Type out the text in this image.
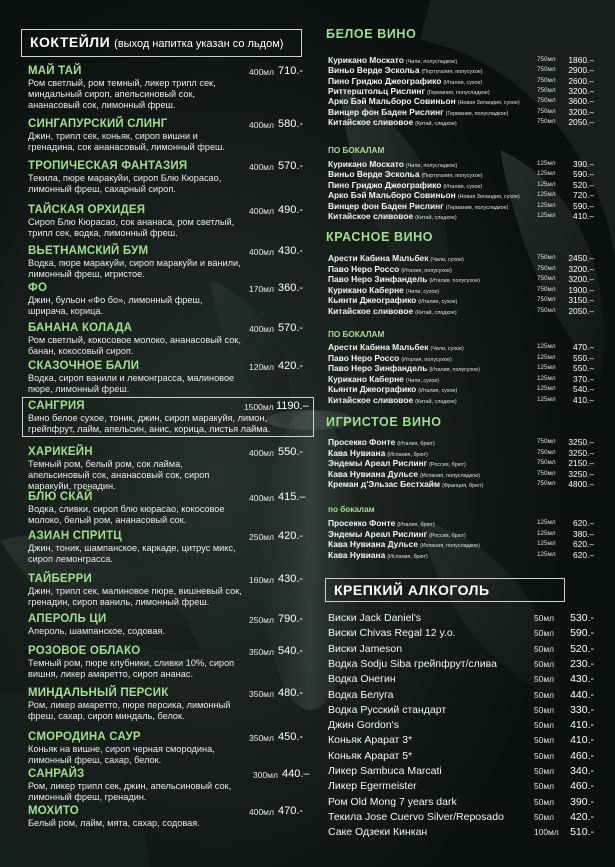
КОКТЕЙЛИ (выход напитка указан со льдом)
МАЙ ТАЙ
Ром светлый, ром темный, ликер трипл сек, миндальный сироп, апельсиновый сок, ананасовый сок, лимонный фреш.
400мл 710.-
СИНГАПУРСКИЙ СЛИНГ
Джин, трипл сек, коньяк, сироп вишни и гренадина, сок ананасовый, лимонный фреш.
400мл 580.-
ТРОПИЧЕСКАЯ ФАНТАЗИЯ
Текила, пюре маракуйи, сироп Блю Кюрасао, лимонный фреш, сахарный сироп.
400мл 570.-
ТАЙСКАЯ ОРХИДЕЯ
Сироп Блю Кюрасао, сок ананаса, ром светлый, трипл сек, водка, лимонный фреш.
400мл 490.-
ВЬЕТНАМСКИЙ БУМ
Водка, пюре маракуйи, сироп маракуйи и ванили, лимонный фреш, игристое.
400мл 430.-
ФО
Джин, бульон «Фо бо», лимонный фреш, шрирача, корица.
170мл 360.-
БАНАНА КОЛАДА
Ром светлый, кокосовое молоко, ананасовый сок, банан, кокосовый сироп.
400мл 570.-
СКАЗОЧНОЕ БАЛИ
Водка, сироп ванили и лемонграсса, малиновое пюре, лимонный фреш.
120мл 420.-
САНГРИЯ
Вино белое сухое, тоник, джин, сироп маракуйя, лимон, грейпфрут, лайм, апельсин, анис, корица, листья лайма.
1500мл 1190.–
ХАРИКЕЙН
Темный ром, белый ром, сок лайма, апельсиновый сок, ананасовый сок, сироп маракуйи, гренадин.
400мл 550.-
БЛЮ СКАЙ
Водка, сливки, сироп блю кюрасао, кокосовое молоко, белый ром, ананасовый сок.
400мл 415.–
АЗИАН СПРИТЦ
Джин, тоник, шампанское, каркаде, цитрус микс, сироп лемонграсса.
250мл 420.-
ТАЙБЕРРИ
Джин, трипл сек, малиновое пюре, вишневый сок, гренадин, сироп ваниль, лимонный фреш.
160мл 430.-
АПЕРОЛЬ ЦИ
Апероль, шампанское, содовая.
250мл 790.-
РОЗОВОЕ ОБЛАКО
Темный ром, пюре клубники, сливки 10%, сироп вишня, ликер амаретто, сироп ананас.
350мл 540.-
МИНДАЛЬНЫЙ ПЕРСИК
Ром, ликер амаретто, пюре персика, лимонный фреш, сахар, сироп миндаль, белок.
350мл 480.-
СМОРОДИНА САУР
Коньяк на вишне, сироп черная смородина, лимонный фреш, сахар, белок.
350мл 450.-
САНРАЙЗ
Ром, ликер трипл сек, джин, апельсиновый сок, лимонный фреш, гренадин.
300мл 440.–
МОХИТО
Белый ром, лайм, мята, сахар, содовая.
400мл 470.-
БЕЛОЕ ВИНО
ПО БОКАЛАМ
КРАСНОЕ ВИНО
ПО БОКАЛАМ
ИГРИСТОЕ ВИНО
по бокалам
Курикано Москато (Чили, полусладкое)	750мл 1860.–
Виньо Верде Эскольа (Португалия, полусухое)	750мл 2900.–
Пино Гриджо Джеографико (Италия, сухое)	750мл 2600.–
Риттерштольц Рислинг (Германия, полусладкое)	750мл 3200.–
Арко Бэй Мальборо Совиньон (Новая Зеландия, сухое)	750мл 3600.–
Винцер фон Баден Рислинг (Германия, полусладкое)	750мл 3200.–
Китайское сливовое (Китай, сладкое)	750мл 2050.–
Курикано Москато (Чили, полусладкое)	125мл 390.–
Виньо Верде Эскольа (Португалия, полусухое)	125мл 590.–
Пино Гриджо Джеографико (Италия, сухое)	125мл 520.–
Арко Бэй Мальборо Совиньон (Новая Зеландия, сухое)	125мл 720.–
Винцер фон Баден Рислинг (Германия, полусладкое)	125мл 590.–
Китайское сливовое (Китай, сладкое)	125мл 410.–
Арести Кабина Мальбек (Чили, сухое)	750мл 2450.–
Паво Неро Россо (Италия, полусухое)	750мл 3200.–
Паво Неро Зинфандель (Италия, полусухое)	750мл 3200.–
Курикано Каберне (Чили, сухое)	750мл 1900.–
Кьянти Джеографико (Италия, сухое)	750мл 3150.–
Китайское сливовое (Китай, сладкое)	750мл 2050.–
Арести Кабина Мальбек (Чили, сухое)	125мл 470.–
Паво Неро Россо (Италия, полусухое)	125мл 550.–
Паво Неро Зинфандель (Италия, полусухое)	125мл 550.–
Курикано Каберне (Чили, сухое)	125мл 370.–
Кьянти Джеографико (Италия, сухое)	125мл 540.–
Китайское сливовое (Китай, сладкое)	125мл 410.–
Просекко Фонте (Италия, брют)	750мл 3250.–
Кава Нувиана (Испания, брют)	750мл 3250.–
Эндемы Ареал Рислинг (Россия, брют)	750мл 2150.–
Кава Нувиана Дульсе (Испания, полусладкое)	750мл 3250.–
Креман д'Эльзас Бестхайм (Франция, брют)	750мл 4800.–
Просекко Фонте (Италия, брют)	125мл 620.–
Эндемы Ареал Рислинг (Россия, брют)	125мл 380.–
Кава Нувиана Дульсе (Испания, полусладкое)	125мл 620.–
Кава Нувиана (Испания, брют)	125мл 620.–
КРЕПКИЙ АЛКОГОЛЬ
Виски Jack Daniel's	50мл 530.-
Виски Chivas Regal 12 y.o.	50мл 590.-
Виски Jameson	50мл 520.-
Водка Sodju Siba грейпфрут/слива	50мл 230.-
Водка Онегин	50мл 430.-
Водка Белуга	50мл 440.-
Водка Русский стандарт	50мл 330.-
Джин Gordon's	50мл 410.-
Коньяк Арарат 3*	50мл 410.-
Коньяк Арарат 5*	50мл 460.-
Ликер Sambuca Marcati	50мл 340.-
Ликер Egermeister	50мл 460.-
Ром Old Mong 7 years dark	50мл 390.-
Текила Jose Cuervo Silver/Reposado	50мл 420.-
Саке Одзеки Кинкан	100мл 510.-
